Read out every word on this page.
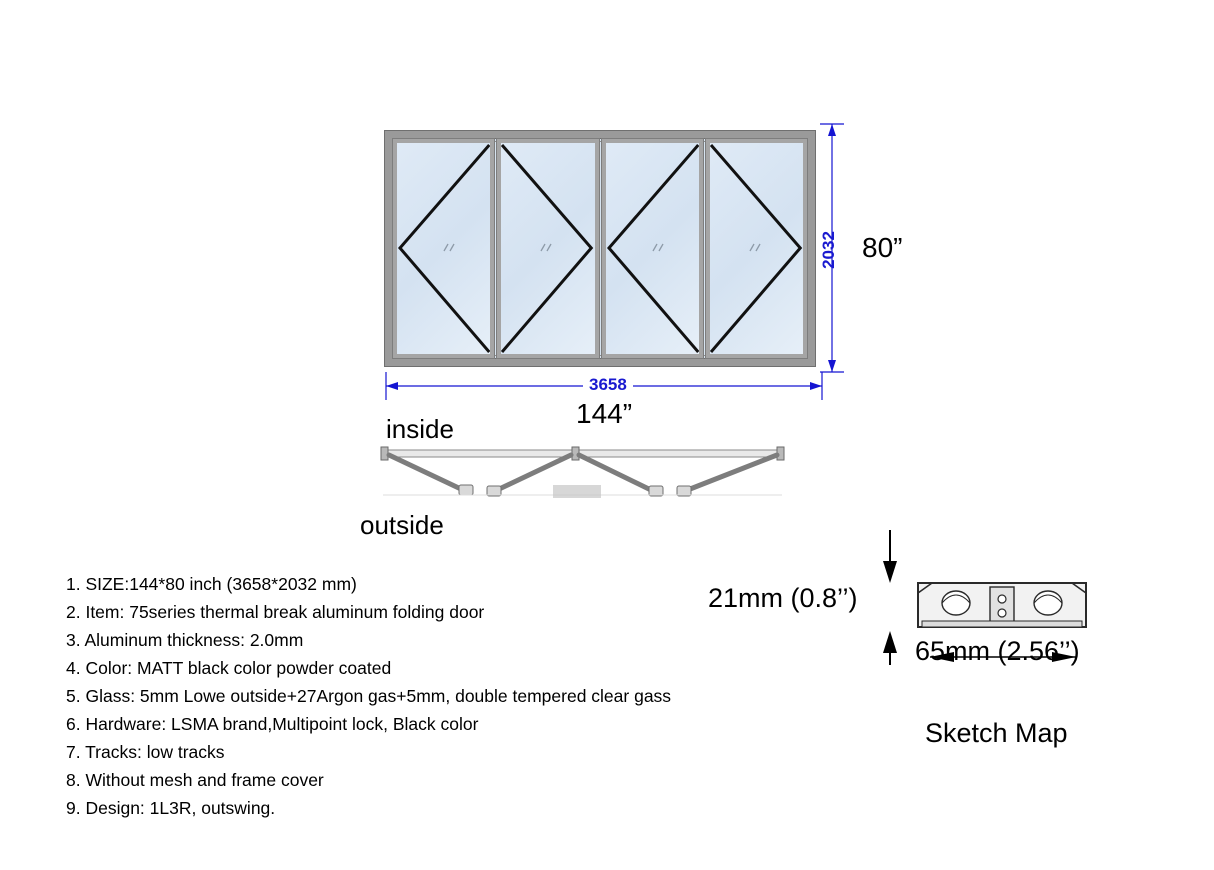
2032 80”
3658
144”
inside
outside
1. SIZE:144*80 inch (3658*2032 mm)
2. Item: 75series thermal break aluminum folding door
3. Aluminum thickness: 2.0mm
4. Color: MATT black color powder coated
5. Glass: 5mm Lowe outside+27Argon gas+5mm, double tempered clear gass
6. Hardware: LSMA brand,Multipoint lock, Black color
7. Tracks: low tracks
8. Without mesh and frame cover
9. Design: 1L3R, outswing.
21mm (0.8’’)
65mm (2.56’’)
Sketch Map
